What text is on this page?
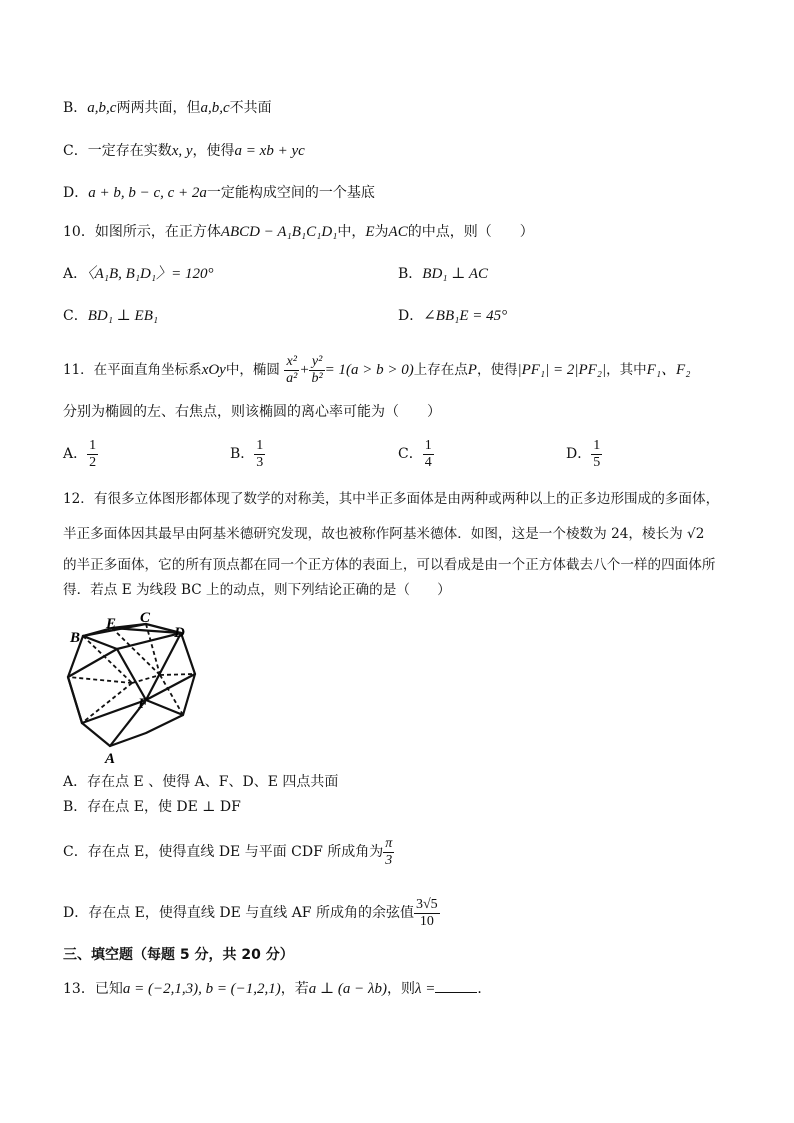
B．a,b,c两两共面，但a,b,c不共面
C．一定存在实数x, y，使得a = xb + yc
D．a + b, b − c, c + 2a一定能构成空间的一个基底
10．如图所示，在正方体ABCD − A₁B₁C₁D₁中，E为AC的中点，则（　　）
A．〈A₁B, B₁D₁〉= 120°	B．BD₁ ⊥ AC
C．BD₁ ⊥ EB₁	D．∠BB₁E = 45°
11．在平面直角坐标系xOy中，椭圆 $\frac{\text{x²}}{\text{a²}} + \frac{\text{y²}}{\text{b²}} = 1(a > b > 0)$上存在点P，使得|PF₁| = 2|PF₂|，其中F₁、F₂
分别为椭圆的左、右焦点，则该椭圆的离心率可能为（　　）
A． $\frac{1}{2}$	B． $\frac{1}{3}$	C． $\frac{1}{4}$	D． $\frac{1}{5}$
12．有很多立体图形都体现了数学的对称美，其中半正多面体是由两种或两种以上的正多边形围成的多面体，
半正多面体因其最早由阿基米德研究发现，故也被称作阿基米德体．如图，这是一个棱数为 24，棱长为 √2
的半正多面体，它的所有顶点都在同一个正方体的表面上，可以看成是由一个正方体截去八个一样的四面体所
得．若点 E 为线段 BC 上的动点，则下列结论正确的是（　　）
B
E C
D
F
A
A．存在点 E 、使得 A、F、D、E 四点共面
B．存在点 E，使 DE ⊥ DF
C．存在点 E，使得直线 DE 与平面 CDF 所成角为 $\frac{\pi}{3}$
D．存在点 E，使得直线 DE 与直线 AF 所成角的余弦值 $\frac{3√5}{10}$
三、填空题（每题 5 分，共 20 分）
13．已知a = (−2,1,3), b = (−1,2,1)，若a ⊥ (a − λb)，则λ =	．
